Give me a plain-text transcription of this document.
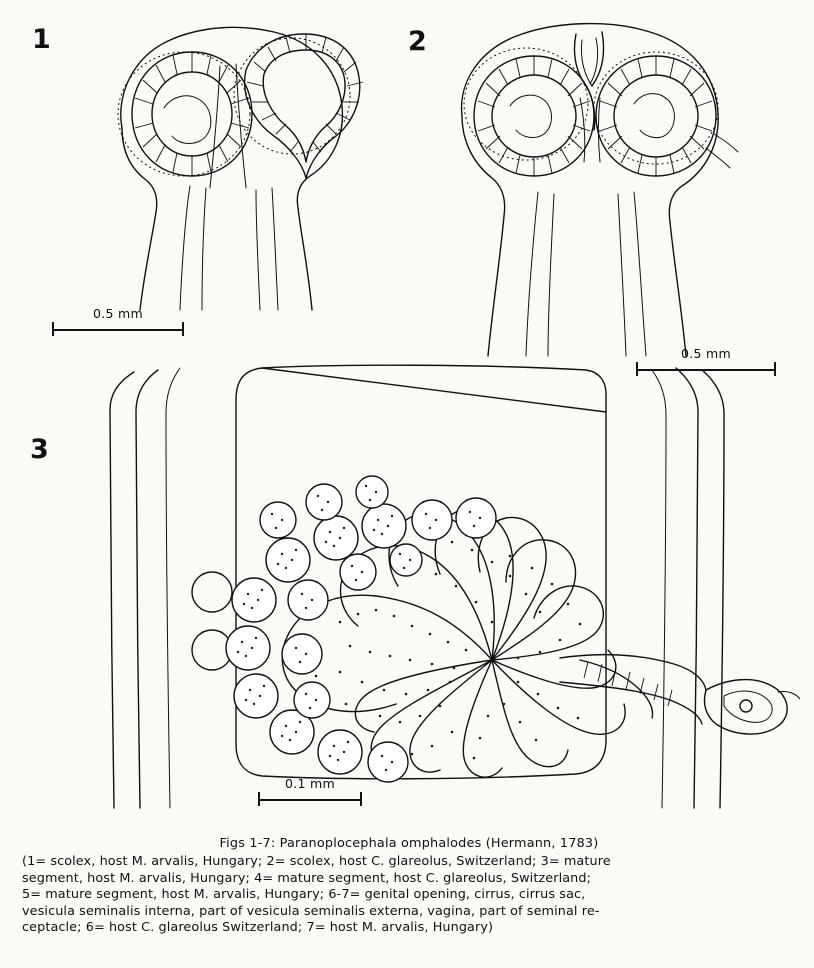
1	2
3
0.5 mm
0.5 mm
0.1 mm
Figs 1-7: Paranoplocephala omphalodes (Hermann, 1783)
(1= scolex, host M. arvalis, Hungary; 2= scolex, host C. glareolus, Switzerland; 3= mature
segment, host M. arvalis, Hungary; 4= mature segment, host C. glareolus, Switzerland;
5= mature segment, host M. arvalis, Hungary; 6-7= genital opening, cirrus, cirrus sac,
vesicula seminalis interna, part of vesicula seminalis externa, vagina, part of seminal re-
ceptacle; 6= host C. glareolus Switzerland; 7= host M. arvalis, Hungary)
